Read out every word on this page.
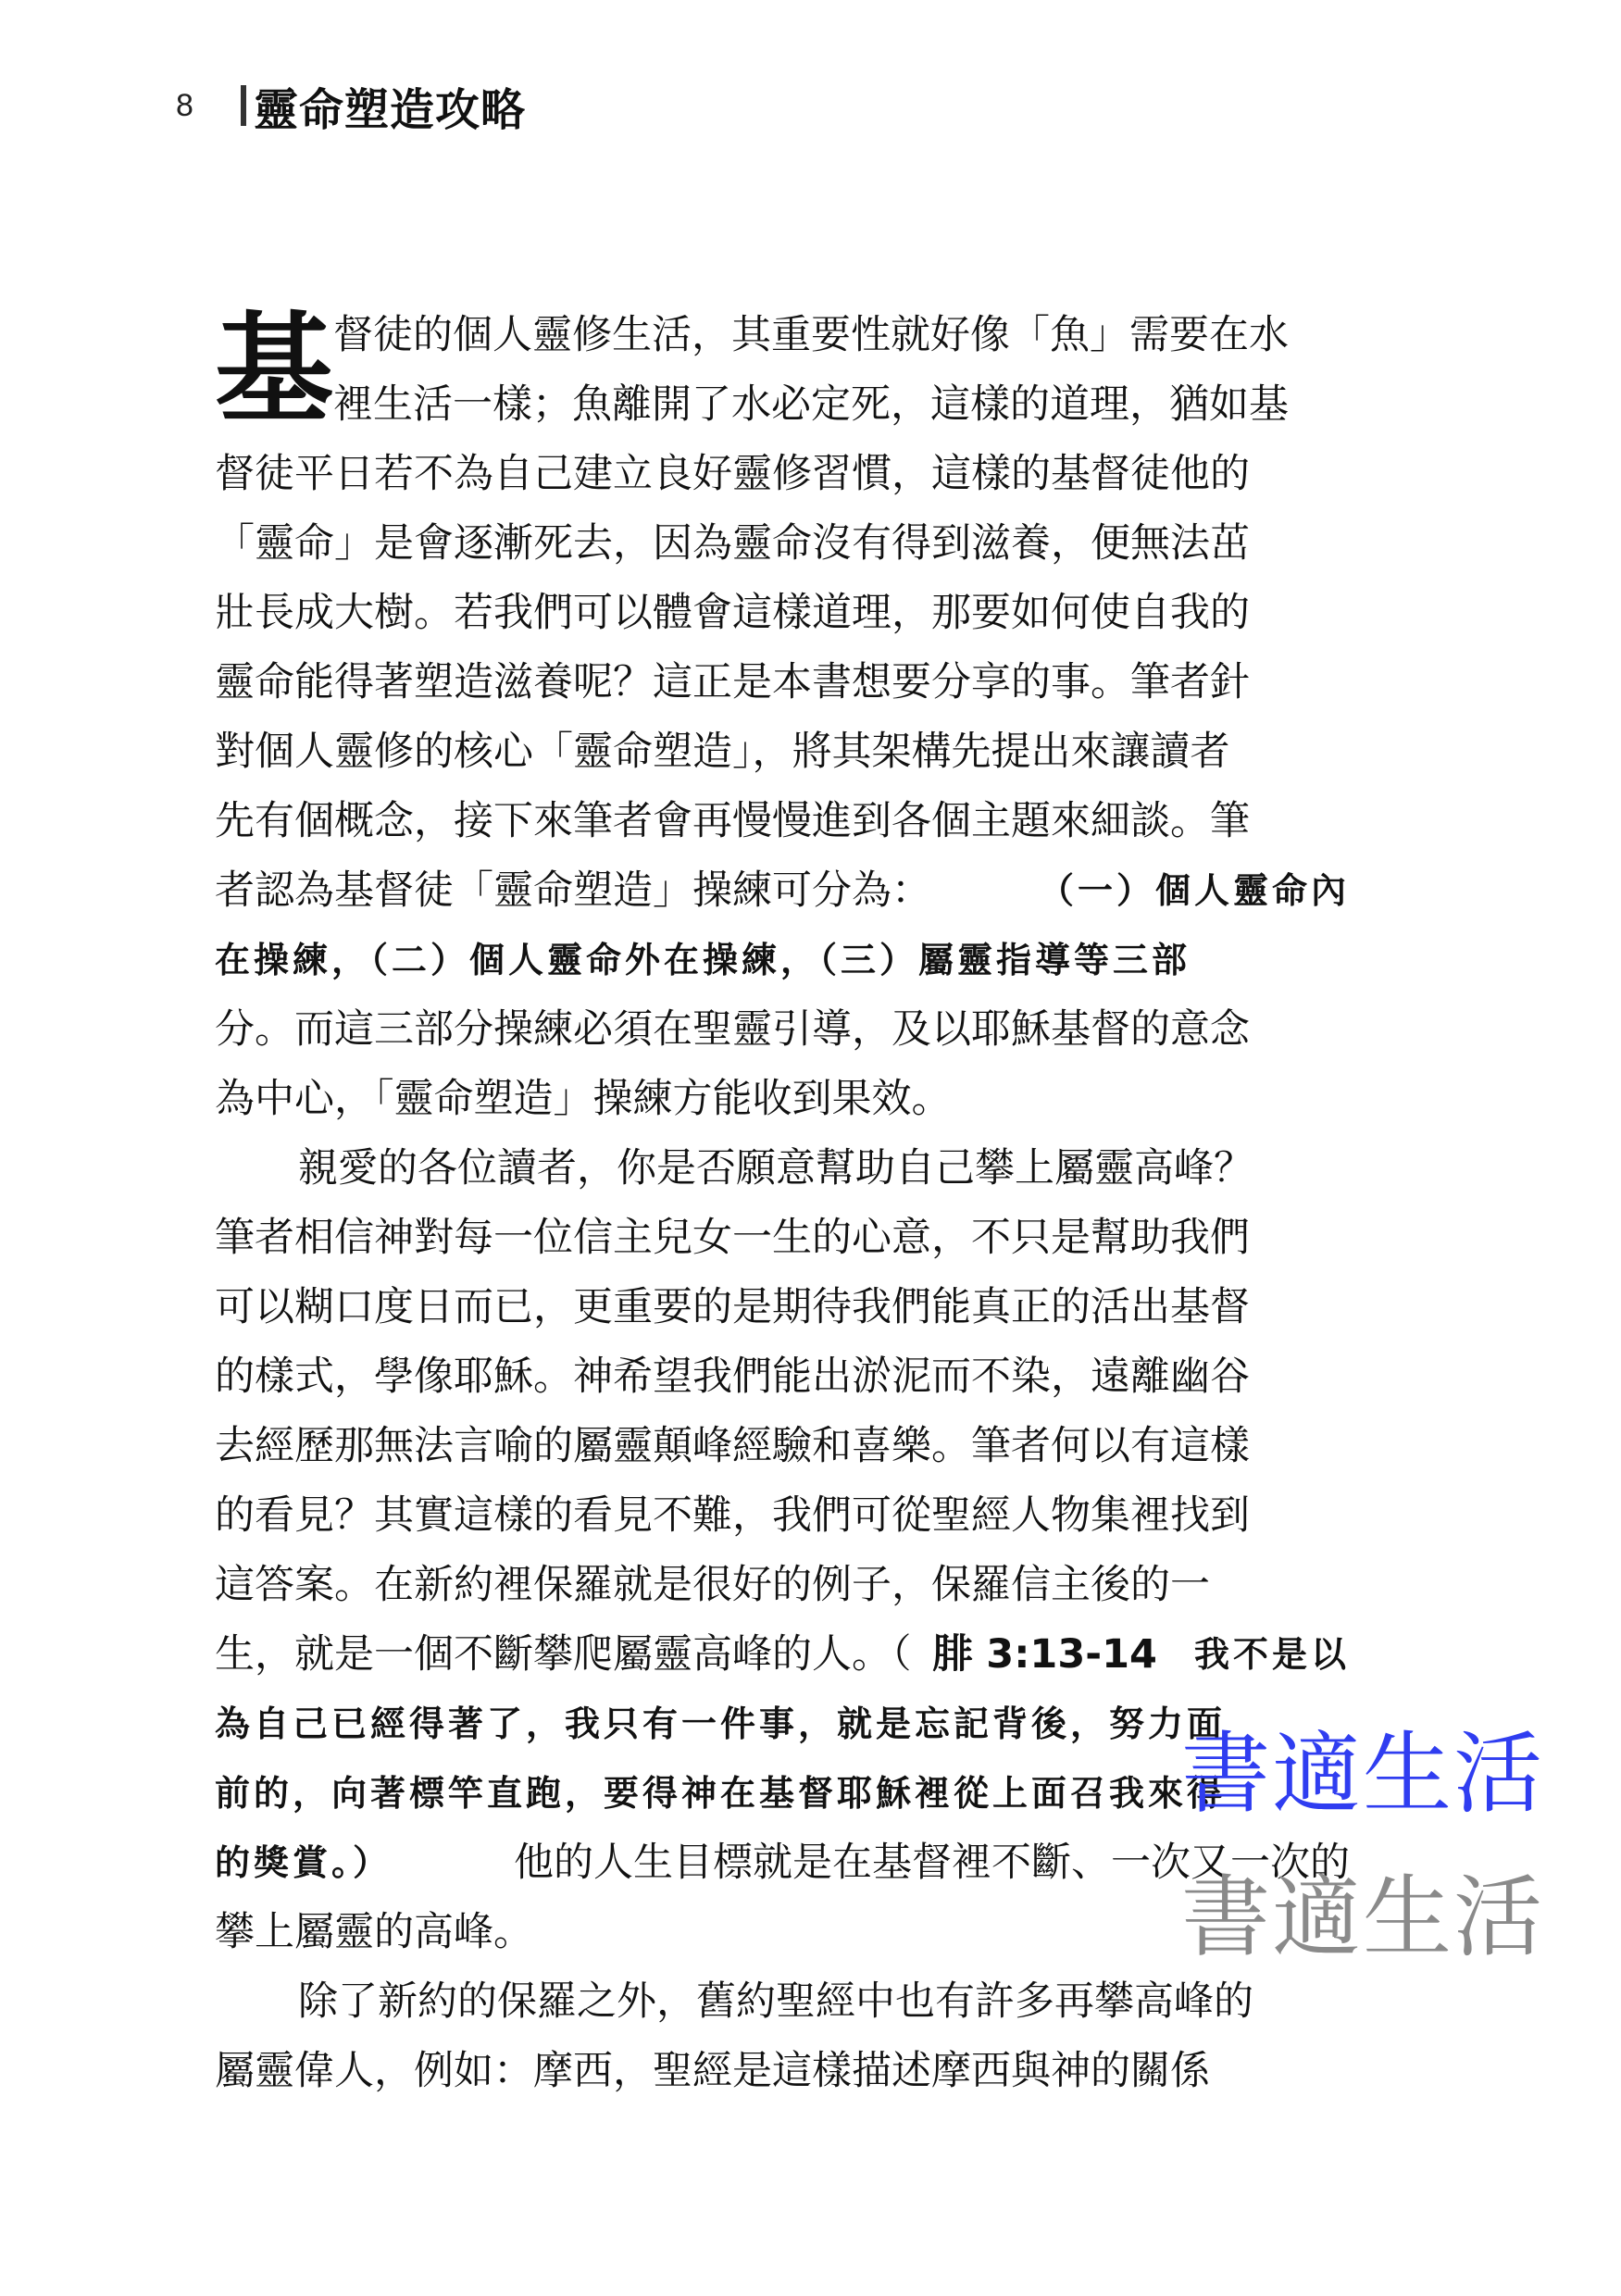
8	靈命塑造攻略
基 督徒的個人靈修生活，其重要性就好像「魚」需要在水
裡生活一樣；魚離開了水必定死，這樣的道理，猶如基
督徒平日若不為自己建立良好靈修習慣，這樣的基督徒他的
「靈命」是會逐漸死去，因為靈命沒有得到滋養，便無法茁
壯長成大樹。若我們可以體會這樣道理，那要如何使自我的
靈命能得著塑造滋養呢？這正是本書想要分享的事。筆者針
對個人靈修的核心「靈命塑造」，將其架構先提出來讓讀者
先有個概念，接下來筆者會再慢慢進到各個主題來細談。筆
者認為基督徒「靈命塑造」操練可分為：	（一）個人靈命內
在操練，（二）個人靈命外在操練，（三）屬靈指導等三部
分。而這三部分操練必須在聖靈引導，及以耶穌基督的意念
為中心，「靈命塑造」操練方能收到果效。
親愛的各位讀者，你是否願意幫助自己攀上屬靈高峰？
筆者相信神對每一位信主兒女一生的心意，不只是幫助我們
可以糊口度日而已，更重要的是期待我們能真正的活出基督
的樣式，學像耶穌。神希望我們能出淤泥而不染，遠離幽谷
去經歷那無法言喻的屬靈顛峰經驗和喜樂。筆者何以有這樣
的看見？其實這樣的看見不難，我們可從聖經人物集裡找到
這答案。在新約裡保羅就是很好的例子，保羅信主後的一
生，就是一個不斷攀爬屬靈高峰的人。（ 腓 3:13-14 我不是以
為自己已經得著了，我只有一件事，就是忘記背後，努力面
前的，向著標竿直跑，要得神在基督耶穌裡從上面召我來得
的獎賞。）	他的人生目標就是在基督裡不斷、一次又一次的
攀上屬靈的高峰。
除了新約的保羅之外，舊約聖經中也有許多再攀高峰的
屬靈偉人，例如：摩西，聖經是這樣描述摩西與神的關係
書適生活
書適生活
